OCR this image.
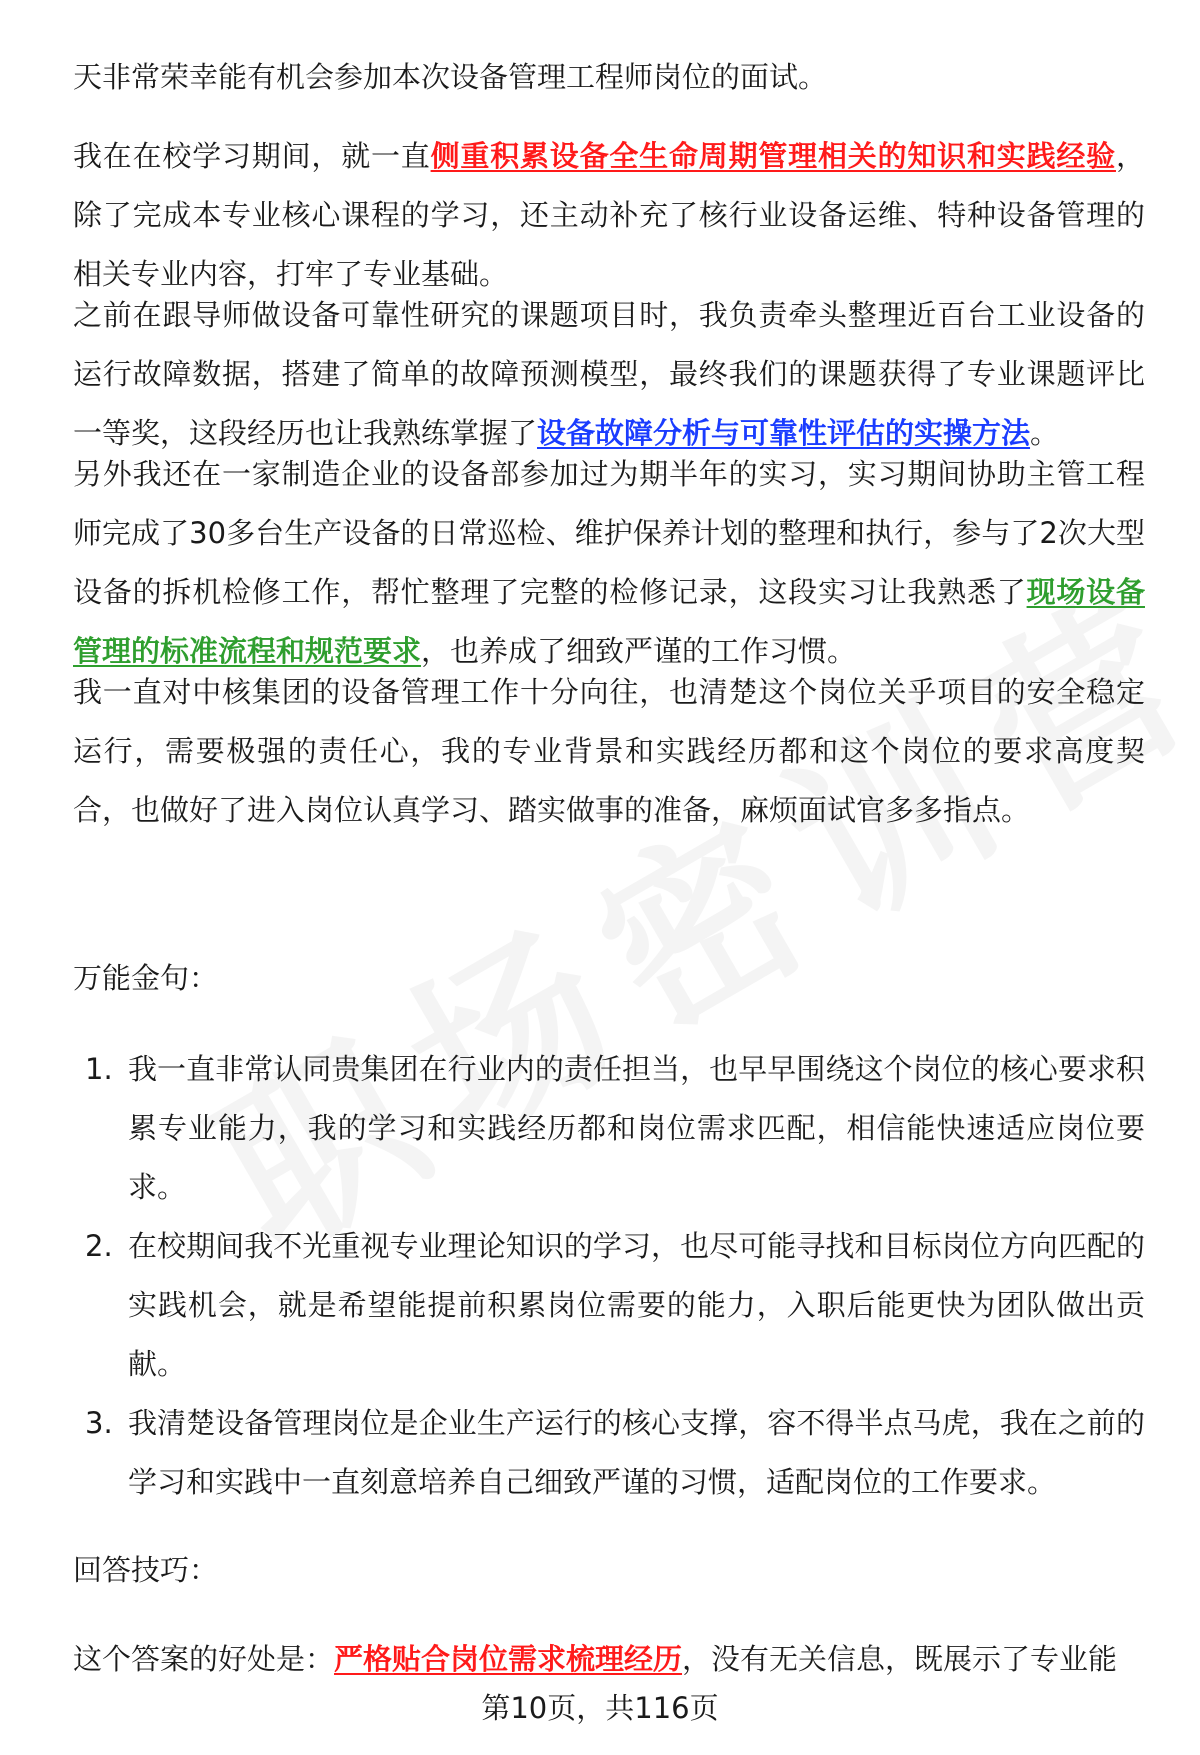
天非常荣幸能有机会参加本次设备管理工程师岗位的面试。

我在在校学习期间，就一直侧重积累设备全生命周期管理相关的知识和实践经验，除了完成本专业核心课程的学习，还主动补充了核行业设备运维、特种设备管理的相关专业内容，打牢了专业基础。

之前在跟导师做设备可靠性研究的课题项目时，我负责牵头整理近百台工业设备的运行故障数据，搭建了简单的故障预测模型，最终我们的课题获得了专业课题评比一等奖，这段经历也让我熟练掌握了设备故障分析与可靠性评估的实操方法。

另外我还在一家制造企业的设备部参加过为期半年的实习，实习期间协助主管工程师完成了30多台生产设备的日常巡检、维护保养计划的整理和执行，参与了2次大型设备的拆机检修工作，帮忙整理了完整的检修记录，这段实习让我熟悉了现场设备管理的标准流程和规范要求，也养成了细致严谨的工作习惯。

我一直对中核集团的设备管理工作十分向往，也清楚这个岗位关乎项目的安全稳定运行，需要极强的责任心，我的专业背景和实践经历都和这个岗位的要求高度契合，也做好了进入岗位认真学习、踏实做事的准备，麻烦面试官多多指点。

万能金句：

1. 我一直非常认同贵集团在行业内的责任担当，也早早围绕这个岗位的核心要求积累专业能力，我的学习和实践经历都和岗位需求匹配，相信能快速适应岗位要求。
2. 在校期间我不光重视专业理论知识的学习，也尽可能寻找和目标岗位方向匹配的实践机会，就是希望能提前积累岗位需要的能力，入职后能更快为团队做出贡献。
3. 我清楚设备管理岗位是企业生产运行的核心支撑，容不得半点马虎，我在之前的学习和实践中一直刻意培养自己细致严谨的习惯，适配岗位的工作要求。

回答技巧：

这个答案的好处是：严格贴合岗位需求梳理经历，没有无关信息，既展示了专业能

第10页，共116页
